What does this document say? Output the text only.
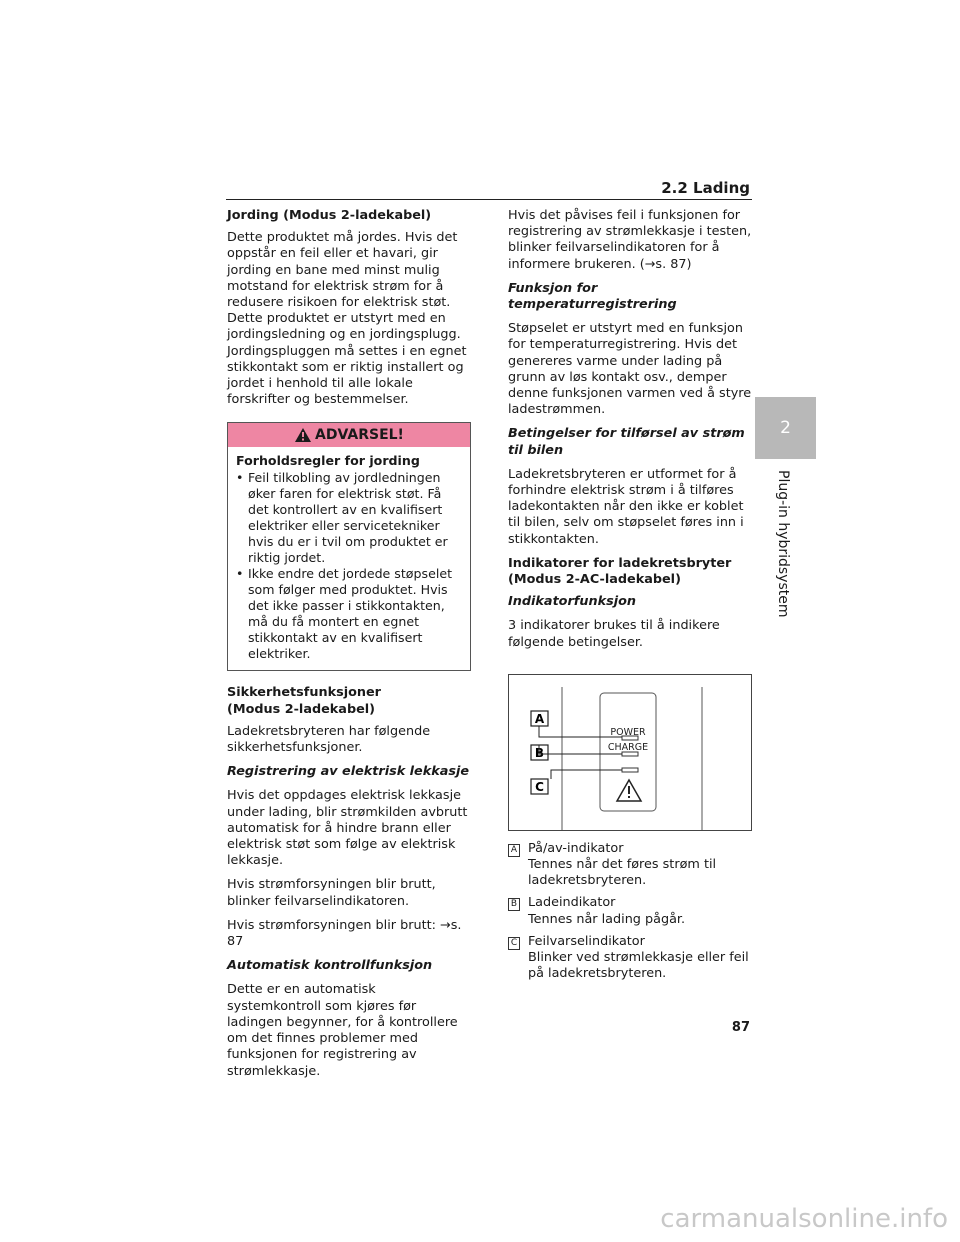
2.2 Lading
2
Plug-in hybridsystem

Jording (Modus 2-ladekabel)

Dette produktet må jordes. Hvis det oppstår en feil eller et havari, gir jording en bane med minst mulig motstand for elektrisk strøm for å redusere risikoen for elektrisk støt. Dette produktet er utstyrt med en jordingsledning og en jordingsplugg. Jordingspluggen må settes i en egnet stikkontakt som er riktig installert og jordet i henhold til alle lokale forskrifter og bestemmelser.

ADVARSEL!

Forholdsregler for jording

• Feil tilkobling av jordledningen øker faren for elektrisk støt. Få det kontrollert av en kvalifisert elektriker eller servicetekniker hvis du er i tvil om produktet er riktig jordet.
• Ikke endre det jordede støpselet som følger med produktet. Hvis det ikke passer i stikkontakten, må du få montert en egnet stikkontakt av en kvalifisert elektriker.

Sikkerhetsfunksjoner
(Modus 2-ladekabel)

Ladekretsbryteren har følgende sikkerhetsfunksjoner.

Registrering av elektrisk lekkasje

Hvis det oppdages elektrisk lekkasje under lading, blir strømkilden avbrutt automatisk for å hindre brann eller elektrisk støt som følge av elektrisk lekkasje.

Hvis strømforsyningen blir brutt, blinker feilvarselindikatoren.

Hvis strømforsyningen blir brutt: →s. 87

Automatisk kontrollfunksjon

Dette er en automatisk systemkontroll som kjøres før ladingen begynner, for å kontrollere om det finnes problemer med funksjonen for registrering av strømlekkasje.

Hvis det påvises feil i funksjonen for registrering av strømlekkasje i testen, blinker feilvarselindikatoren for å informere brukeren. (→s. 87)

Funksjon for temperaturregistrering

Støpselet er utstyrt med en funksjon for temperaturregistrering. Hvis det genereres varme under lading på grunn av løs kontakt osv., demper denne funksjonen varmen ved å styre ladestrømmen.

Betingelser for tilførsel av strøm til bilen

Ladekretsbryteren er utformet for å forhindre elektrisk strøm i å tilføres ladekontakten når den ikke er koblet til bilen, selv om støpselet føres inn i stikkontakten.

Indikatorer for ladekretsbryter
(Modus 2-AC-ladekabel)

Indikatorfunksjon

3 indikatorer brukes til å indikere følgende betingelser.

POWER
CHARGE
A
B
C
A På/av-indikator

Tennes når det føres strøm til ladekretsbryteren.

B Ladeindikator

Tennes når lading pågår.

C Feilvarselindikator

Blinker ved strømlekkasje eller feil på ladekretsbryteren.

87
carmanualsonline.info
